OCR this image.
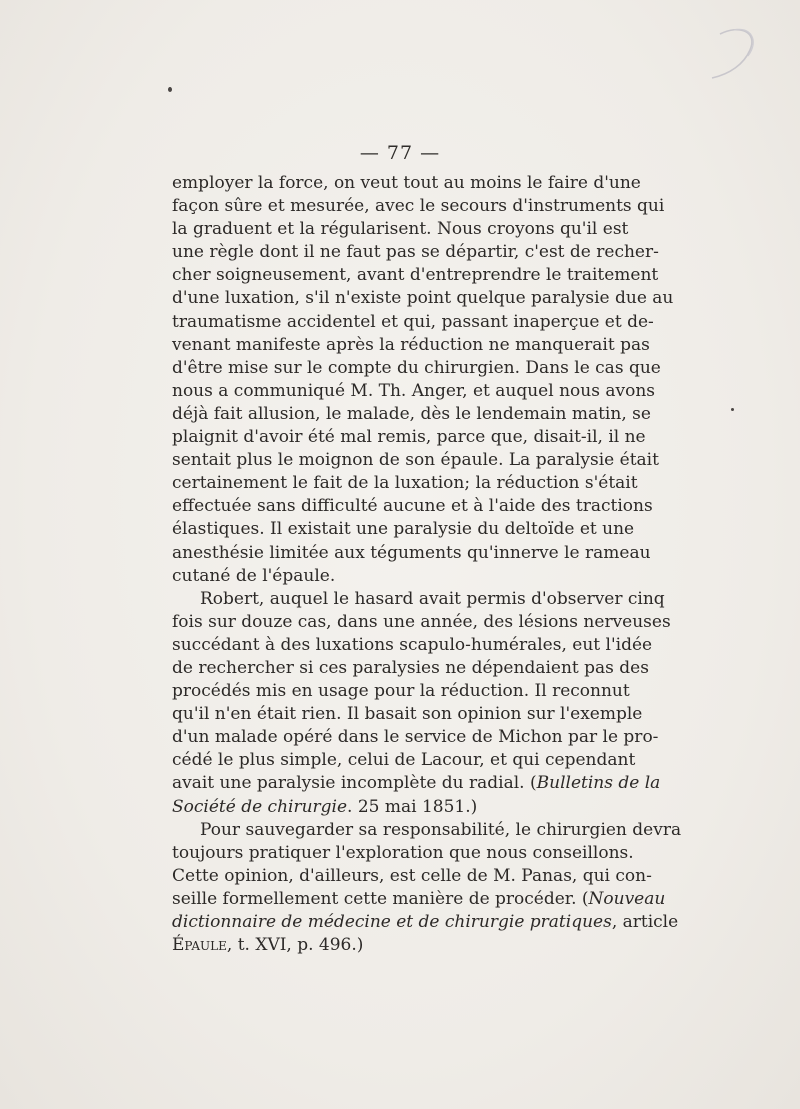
— 77 —
employer la force, on veut tout au moins le faire d'une
façon sûre et mesurée, avec le secours d'instruments qui
la graduent et la régularisent. Nous croyons qu'il est
une règle dont il ne faut pas se départir, c'est de recher-
cher soigneusement, avant d'entreprendre le traitement
d'une luxation, s'il n'existe point quelque paralysie due au
traumatisme accidentel et qui, passant inaperçue et de-
venant manifeste après la réduction ne manquerait pas
d'être mise sur le compte du chirurgien. Dans le cas que
nous a communiqué M. Th. Anger, et auquel nous avons
déjà fait allusion, le malade, dès le lendemain matin, se
plaignit d'avoir été mal remis, parce que, disait-il, il ne
sentait plus le moignon de son épaule. La paralysie était
certainement le fait de la luxation; la réduction s'était
effectuée sans difficulté aucune et à l'aide des tractions
élastiques. Il existait une paralysie du deltoïde et une
anesthésie limitée aux téguments qu'innerve le rameau
cutané de l'épaule.
Robert, auquel le hasard avait permis d'observer cinq
fois sur douze cas, dans une année, des lésions nerveuses
succédant à des luxations scapulo-humérales, eut l'idée
de rechercher si ces paralysies ne dépendaient pas des
procédés mis en usage pour la réduction. Il reconnut
qu'il n'en était rien. Il basait son opinion sur l'exemple
d'un malade opéré dans le service de Michon par le pro-
cédé le plus simple, celui de Lacour, et qui cependant
avait une paralysie incomplète du radial. (Bulletins de la
Société de chirurgie. 25 mai 1851.)
Pour sauvegarder sa responsabilité, le chirurgien devra
toujours pratiquer l'exploration que nous conseillons.
Cette opinion, d'ailleurs, est celle de M. Panas, qui con-
seille formellement cette manière de procéder. (Nouveau
dictionnaire de médecine et de chirurgie pratiques, article
Épaule, t. XVI, p. 496.)
